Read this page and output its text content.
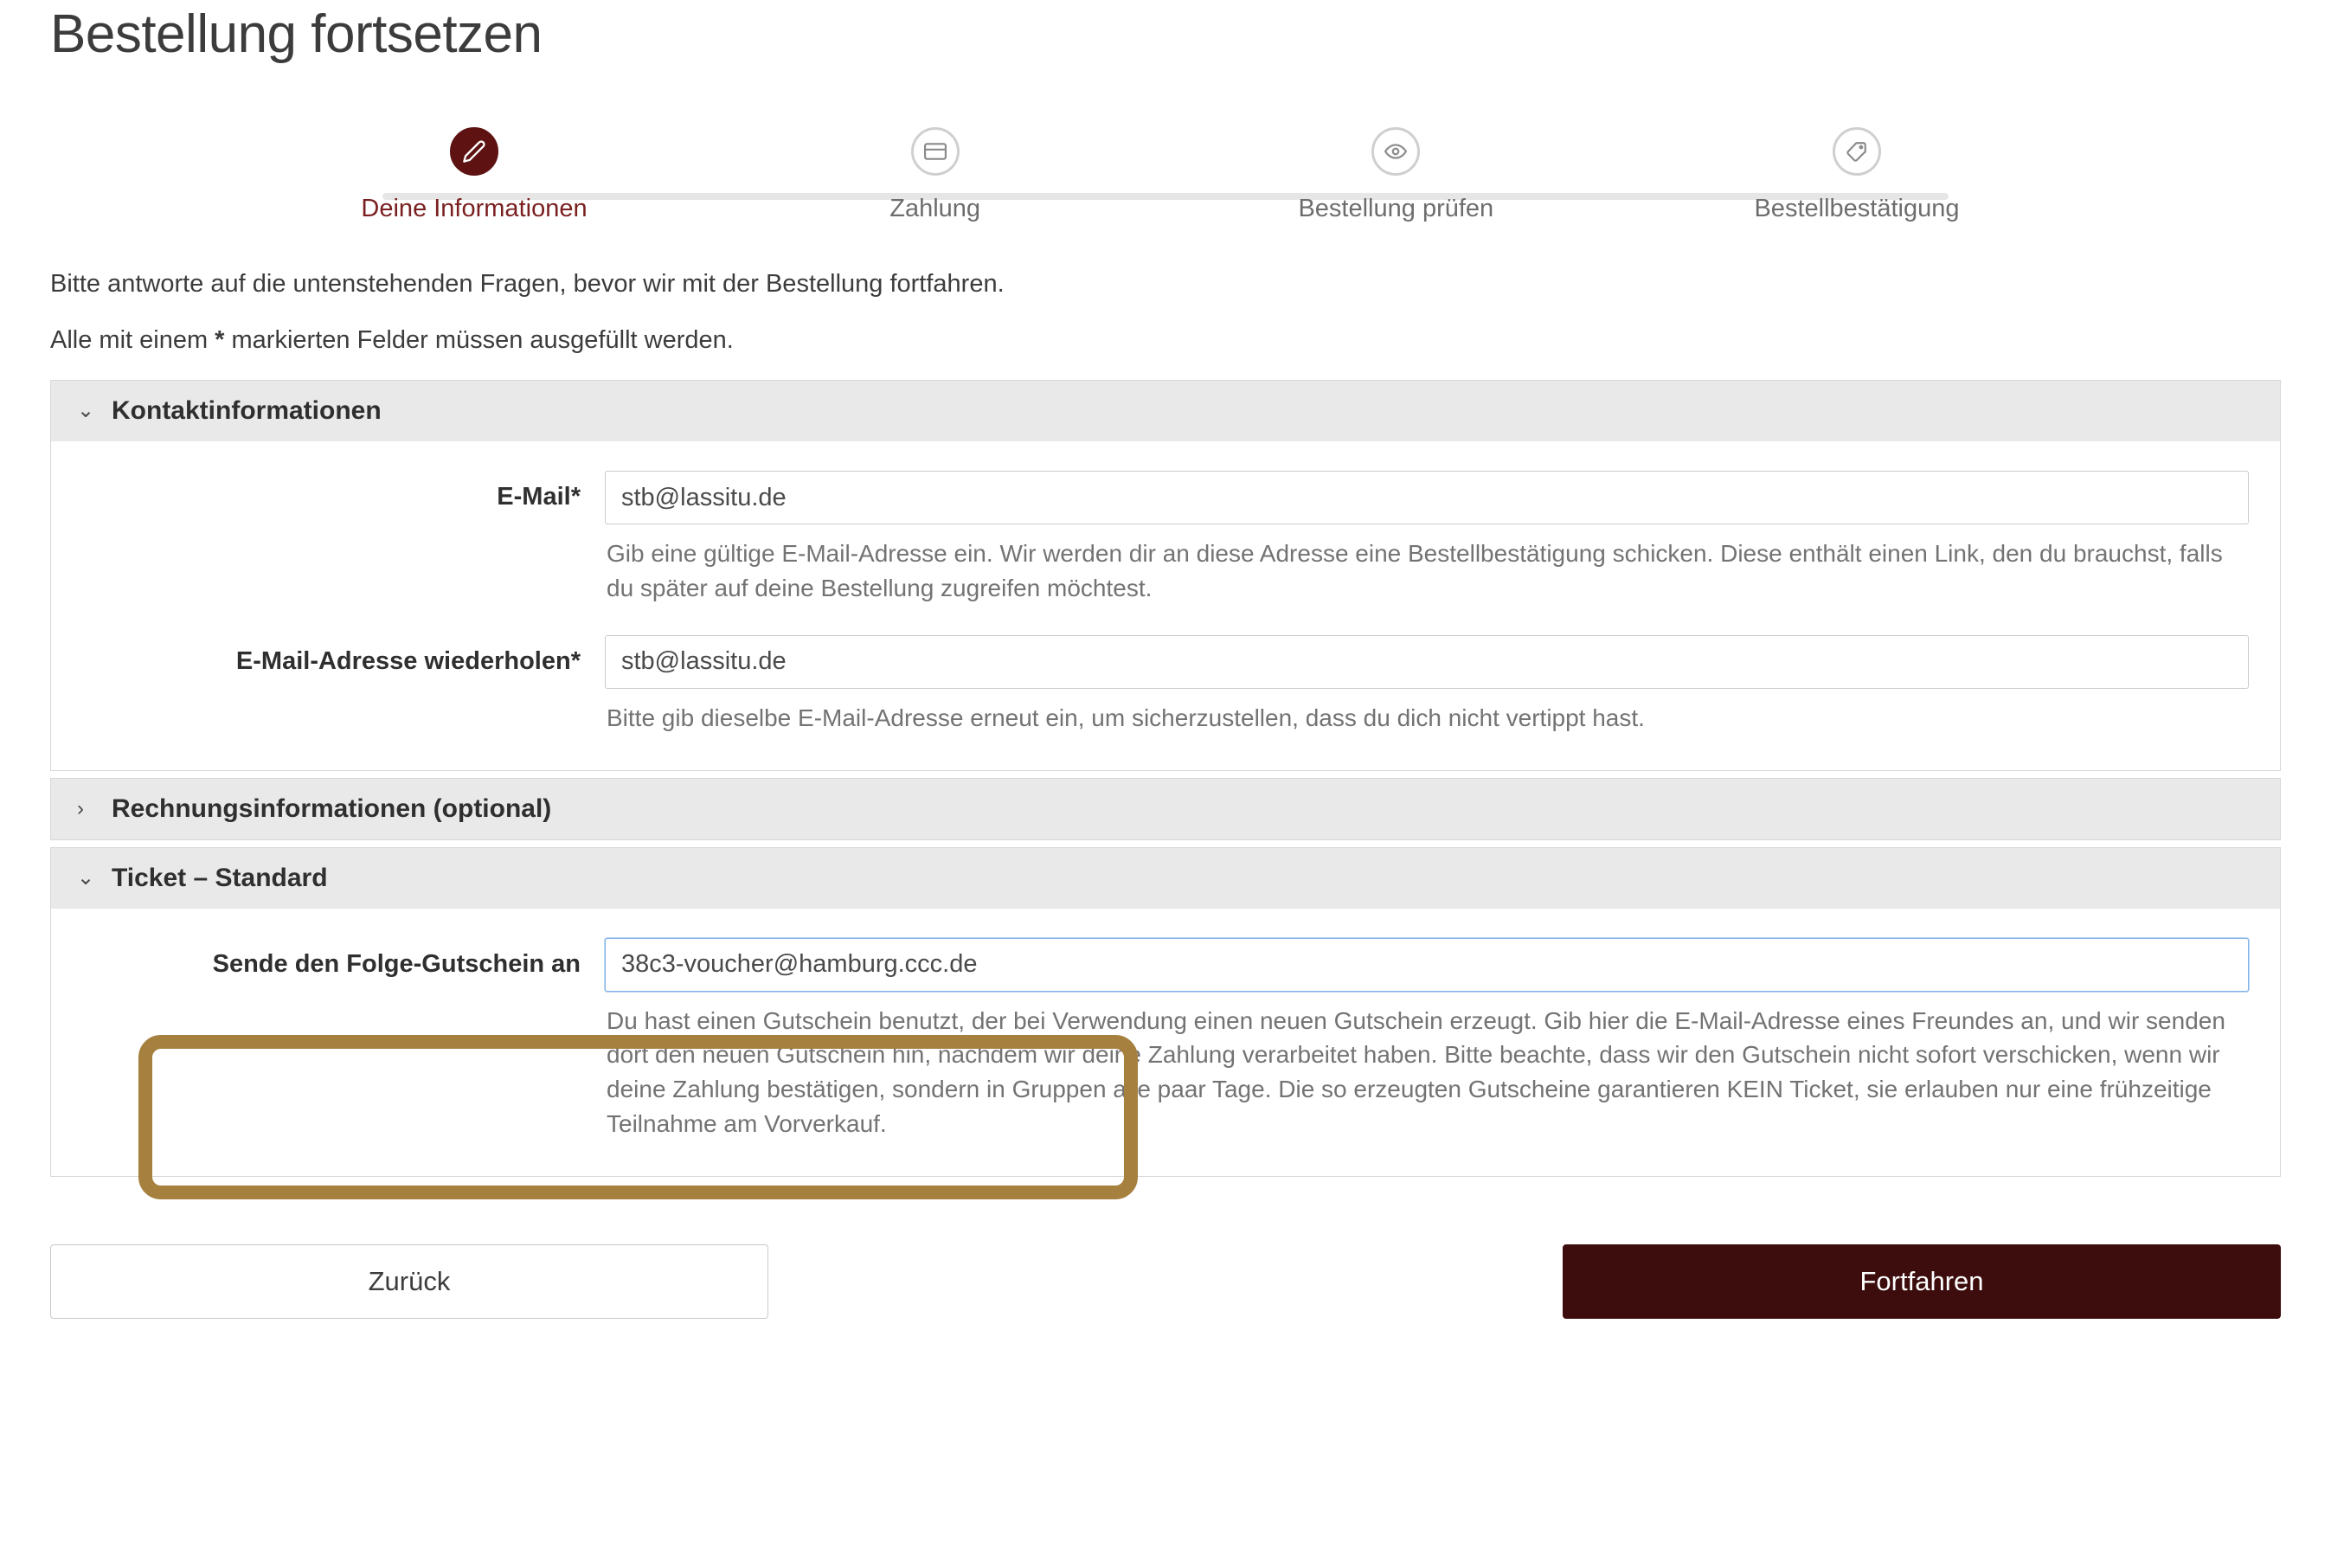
Bestellung fortsetzen
Deine Informationen	Zahlung	Bestellung prüfen	Bestellbestätigung

Bitte antworte auf die untenstehenden Fragen, bevor wir mit der Bestellung fortfahren.

Alle mit einem * markierten Felder müssen ausgefüllt werden.

⌄ Kontaktinformationen
E-Mail*
stb@lassitu.de
Gib eine gültige E-Mail-Adresse ein. Wir werden dir an diese Adresse eine Bestellbestätigung schicken. Diese enthält einen Link, den du brauchst, falls du später auf deine Bestellung zugreifen möchtest.
E-Mail-Adresse wiederholen*
stb@lassitu.de
Bitte gib dieselbe E-Mail-Adresse erneut ein, um sicherzustellen, dass du dich nicht vertippt hast.
›	Rechnungsinformationen (optional)
⌄ Ticket – Standard
Sende den Folge-Gutschein an
38c3-voucher@hamburg.ccc.de
Du hast einen Gutschein benutzt, der bei Verwendung einen neuen Gutschein erzeugt. Gib hier die E-Mail-Adresse eines Freundes an, und wir senden dort den neuen Gutschein hin, nachdem wir deine Zahlung verarbeitet haben. Bitte beachte, dass wir den Gutschein nicht sofort verschicken, wenn wir deine Zahlung bestätigen, sondern in Gruppen alle paar Tage. Die so erzeugten Gutscheine garantieren KEIN Ticket, sie erlauben nur eine frühzeitige Teilnahme am Vorverkauf.
Zurück	Fortfahren
